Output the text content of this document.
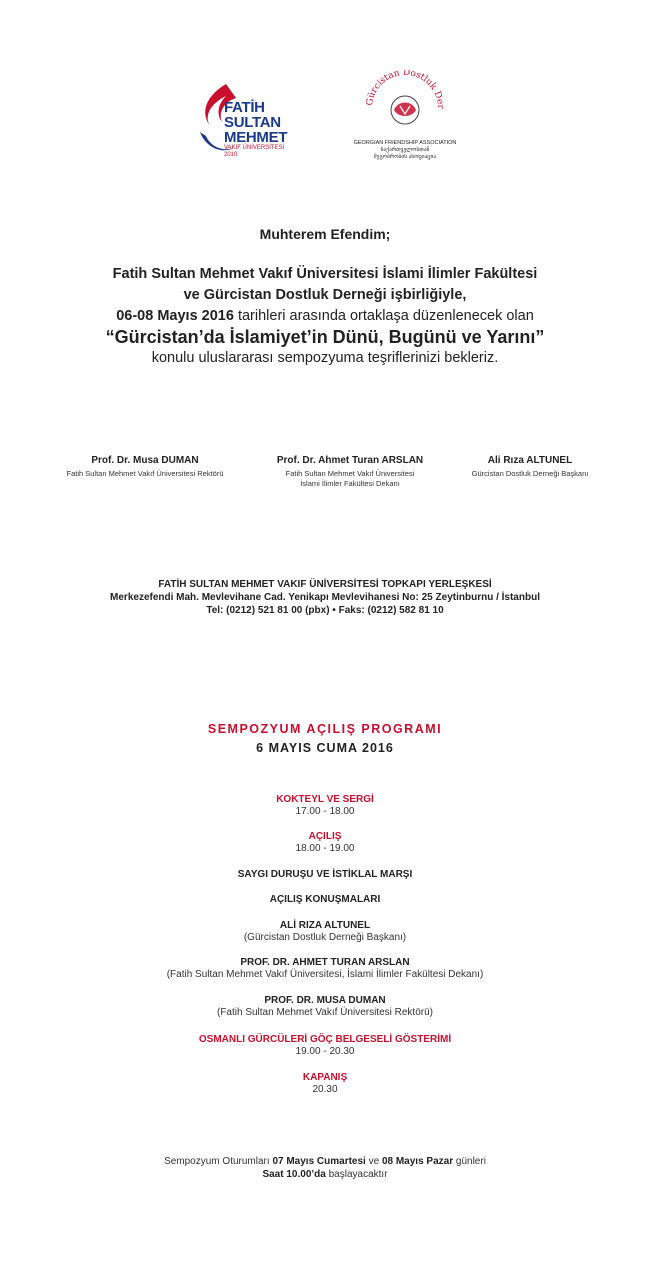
FATİH
SULTAN
MEHMET
VAKIF ÜNİVERSİTESİ
2010
Gürcistan Dostluk Der
GEORGIAN FRIENDSHIP ASSOCIATION
საქართველოსთან
მეგობრობის ასოციაცია
Muhterem Efendim;
Fatih Sultan Mehmet Vakıf Üniversitesi İslami İlimler Fakültesi
ve Gürcistan Dostluk Derneği işbirliğiyle,
06-08 Mayıs 2016 tarihleri arasında ortaklaşa düzenlenecek olan
“Gürcistan’da İslamiyet’in Dünü, Bugünü ve Yarını”
konulu uluslararası sempozyuma teşriflerinizi bekleriz.
Prof. Dr. Musa DUMAN
Fatih Sultan Mehmet Vakıf Üniversitesi Rektörü
Prof. Dr. Ahmet Turan ARSLAN
Fatih Sultan Mehmet Vakıf Üniversitesi
İslami İlimler Fakültesi Dekanı
Ali Rıza ALTUNEL
Gürcistan Dostluk Derneği Başkanı
FATİH SULTAN MEHMET VAKIF ÜNİVERSİTESİ TOPKAPI YERLEŞKESİ
Merkezefendi Mah. Mevlevihane Cad. Yenikapı Mevlevihanesi No: 25 Zeytinburnu / İstanbul
Tel: (0212) 521 81 00 (pbx) • Faks: (0212) 582 81 10
SEMPOZYUM AÇILIŞ PROGRAMI
6 MAYIS CUMA 2016
KOKTEYL VE SERGİ
17.00 - 18.00
AÇILIŞ
18.00 - 19.00
SAYGI DURUŞU VE İSTİKLAL MARŞI
AÇILIŞ KONUŞMALARI
ALİ RIZA ALTUNEL
(Gürcistan Dostluk Derneği Başkanı)
PROF. DR. AHMET TURAN ARSLAN
(Fatih Sultan Mehmet Vakıf Üniversitesi, İslami İlimler Fakültesi Dekanı)
PROF. DR. MUSA DUMAN
(Fatih Sultan Mehmet Vakıf Üniversitesi Rektörü)
OSMANLI GÜRCÜLERİ GÖÇ BELGESELİ GÖSTERİMİ
19.00 - 20.30
KAPANIŞ
20.30
Sempozyum Oturumları 07 Mayıs Cumartesi ve 08 Mayıs Pazar günleri
Saat 10.00’da başlayacaktır
